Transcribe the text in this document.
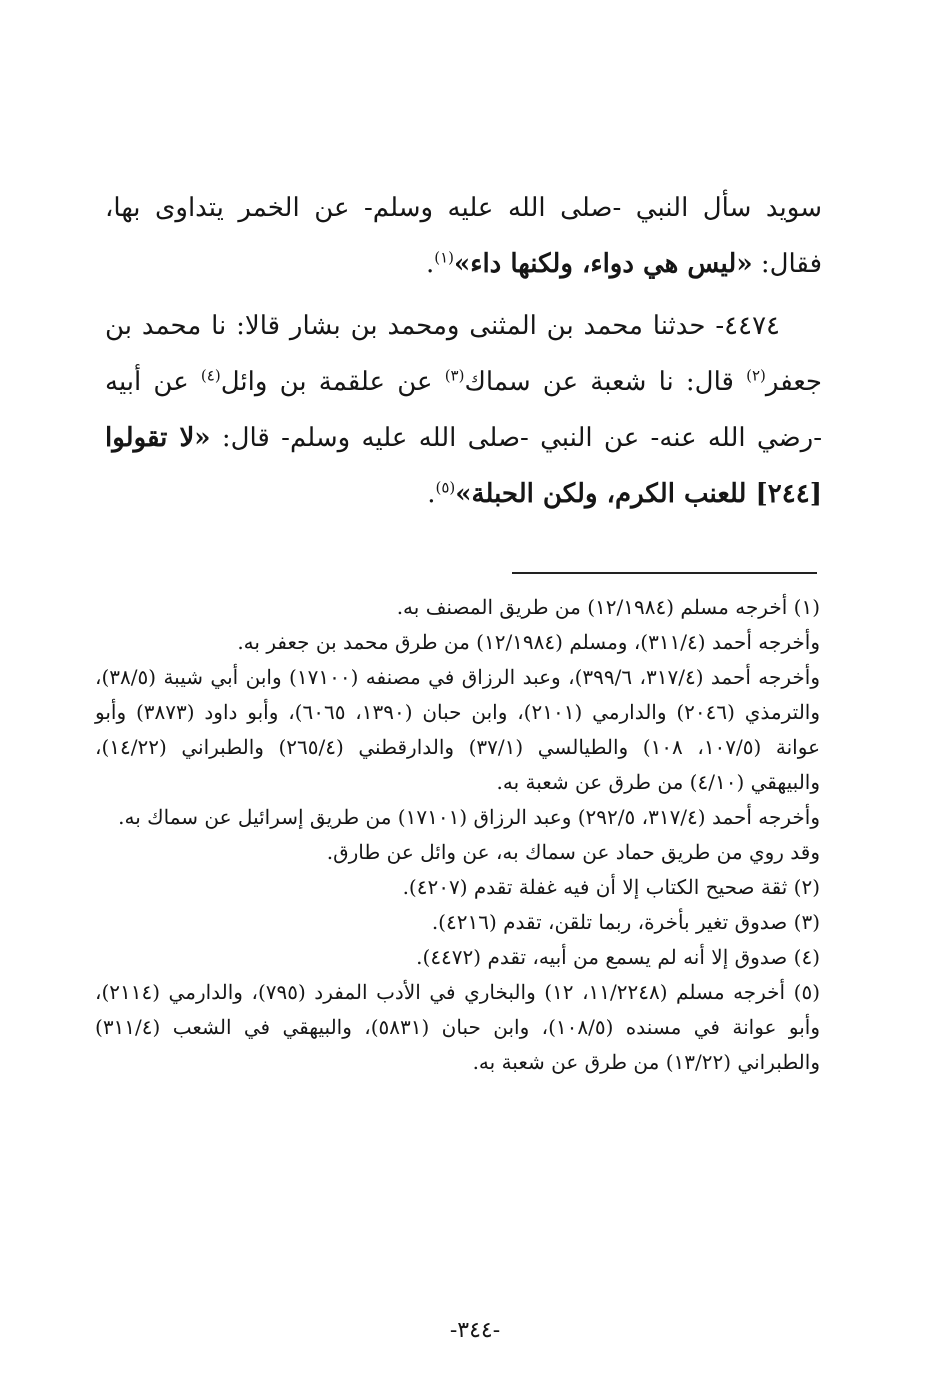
سويد سأل النبي -صلى الله عليه وسلم- عن الخمر يتداوى بها، فقال: «ليس هي دواء، ولكنها داء»$^{(١)}$.

٤٤٧٤- حدثنا محمد بن المثنى ومحمد بن بشار قالا: نا محمد بن جعفر$^{(٢)}$ قال: نا شعبة عن سماك$^{(٣)}$ عن علقمة بن وائل$^{(٤)}$ عن أبيه -رضي الله عنه- عن النبي -صلى الله عليه وسلم- قال: «لا تقولوا [٢٤٤] للعنب الكرم، ولكن الحبلة»$^{(٥)}$.

(١) أخرجه مسلم (١٢/١٩٨٤) من طريق المصنف به.

وأخرجه أحمد (٣١١/٤)، ومسلم (١٢/١٩٨٤) من طرق محمد بن جعفر به.

وأخرجه أحمد (٣١٧/٤، ٣٩٩/٦)، وعبد الرزاق في مصنفه (١٧١٠٠) وابن أبي شيبة (٣٨/٥)، والترمذي (٢٠٤٦) والدارمي (٢١٠١)، وابن حبان (١٣٩٠، ٦٠٦٥)، وأبو داود (٣٨٧٣) وأبو عوانة (١٠٧/٥، ١٠٨) والطيالسي (٣٧/١) والدارقطني (٢٦٥/٤) والطبراني (١٤/٢٢)، والبيهقي (٤/١٠) من طرق عن شعبة به.

وأخرجه أحمد (٣١٧/٤، ٢٩٢/٥) وعبد الرزاق (١٧١٠١) من طريق إسرائيل عن سماك به.

وقد روي من طريق حماد عن سماك به، عن وائل عن طارق.

(٢) ثقة صحيح الكتاب إلا أن فيه غفلة تقدم (٤٢٠٧).

(٣) صدوق تغير بأخرة، ربما تلقن، تقدم (٤٢١٦).

(٤) صدوق إلا أنه لم يسمع من أبيه، تقدم (٤٤٧٢).

(٥) أخرجه مسلم (١١/٢٢٤٨، ١٢) والبخاري في الأدب المفرد (٧٩٥)، والدارمي (٢١١٤)، وأبو عوانة في مسنده (١٠٨/٥)، وابن حبان (٥٨٣١)، والبيهقي في الشعب (٣١١/٤) والطبراني (١٣/٢٢) من طرق عن شعبة به.

-٣٤٤-
